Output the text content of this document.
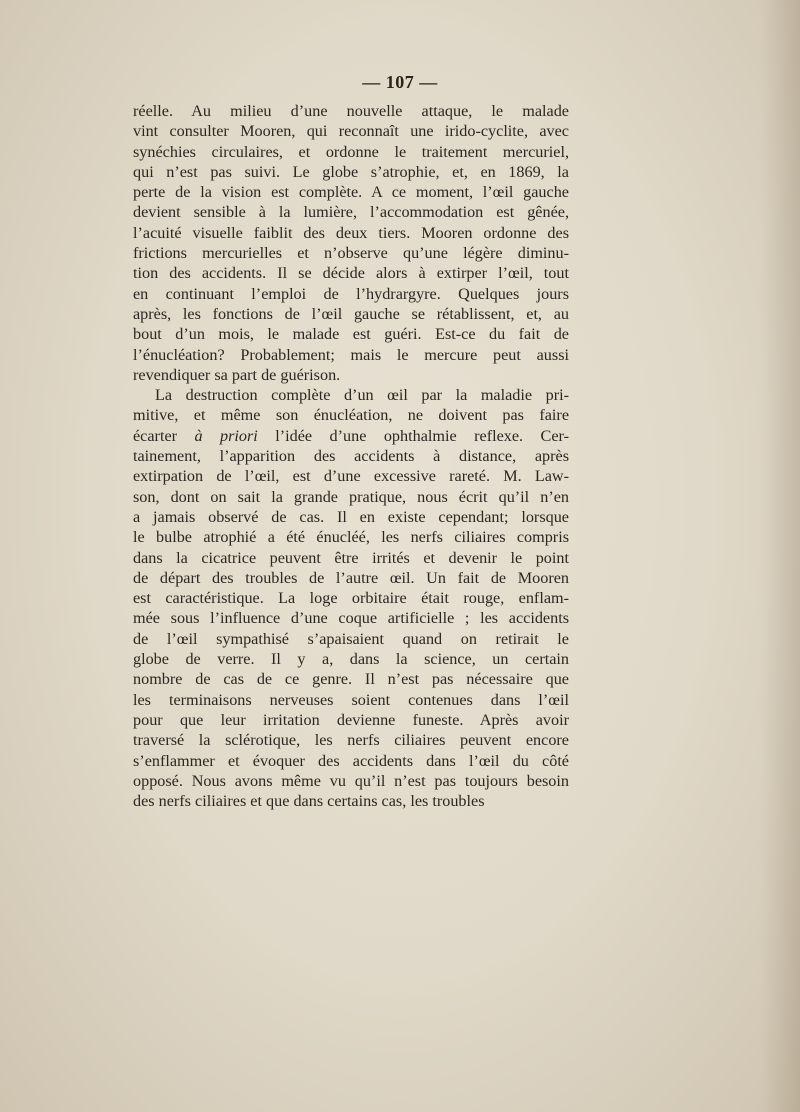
— 107 —
réelle. Au milieu d’une nouvelle attaque, le malade
vint consulter Mooren, qui reconnaît une irido-cyclite, avec
synéchies circulaires, et ordonne le traitement mercuriel,
qui n’est pas suivi. Le globe s’atrophie, et, en 1869, la
perte de la vision est complète. A ce moment, l’œil gauche
devient sensible à la lumière, l’accommodation est gênée,
l’acuité visuelle faiblit des deux tiers. Mooren ordonne des
frictions mercurielles et n’observe qu’une légère diminu-
tion des accidents. Il se décide alors à extirper l’œil, tout
en continuant l’emploi de l’hydrargyre. Quelques jours
après, les fonctions de l’œil gauche se rétablissent, et, au
bout d’un mois, le malade est guéri. Est-ce du fait de
l’énucléation? Probablement; mais le mercure peut aussi
revendiquer sa part de guérison.
La destruction complète d’un œil par la maladie pri-
mitive, et même son énucléation, ne doivent pas faire
écarter à priori l’idée d’une ophthalmie reflexe. Cer-
tainement, l’apparition des accidents à distance, après
extirpation de l’œil, est d’une excessive rareté. M. Law-
son, dont on sait la grande pratique, nous écrit qu’il n’en
a jamais observé de cas. Il en existe cependant; lorsque
le bulbe atrophié a été énucléé, les nerfs ciliaires compris
dans la cicatrice peuvent être irrités et devenir le point
de départ des troubles de l’autre œil. Un fait de Mooren
est caractéristique. La loge orbitaire était rouge, enflam-
mée sous l’influence d’une coque artificielle ; les accidents
de l’œil sympathisé s’apaisaient quand on retirait le
globe de verre. Il y a, dans la science, un certain
nombre de cas de ce genre. Il n’est pas nécessaire que
les terminaisons nerveuses soient contenues dans l’œil
pour que leur irritation devienne funeste. Après avoir
traversé la sclérotique, les nerfs ciliaires peuvent encore
s’enflammer et évoquer des accidents dans l’œil du côté
opposé. Nous avons même vu qu’il n’est pas toujours besoin
des nerfs ciliaires et que dans certains cas, les troubles
